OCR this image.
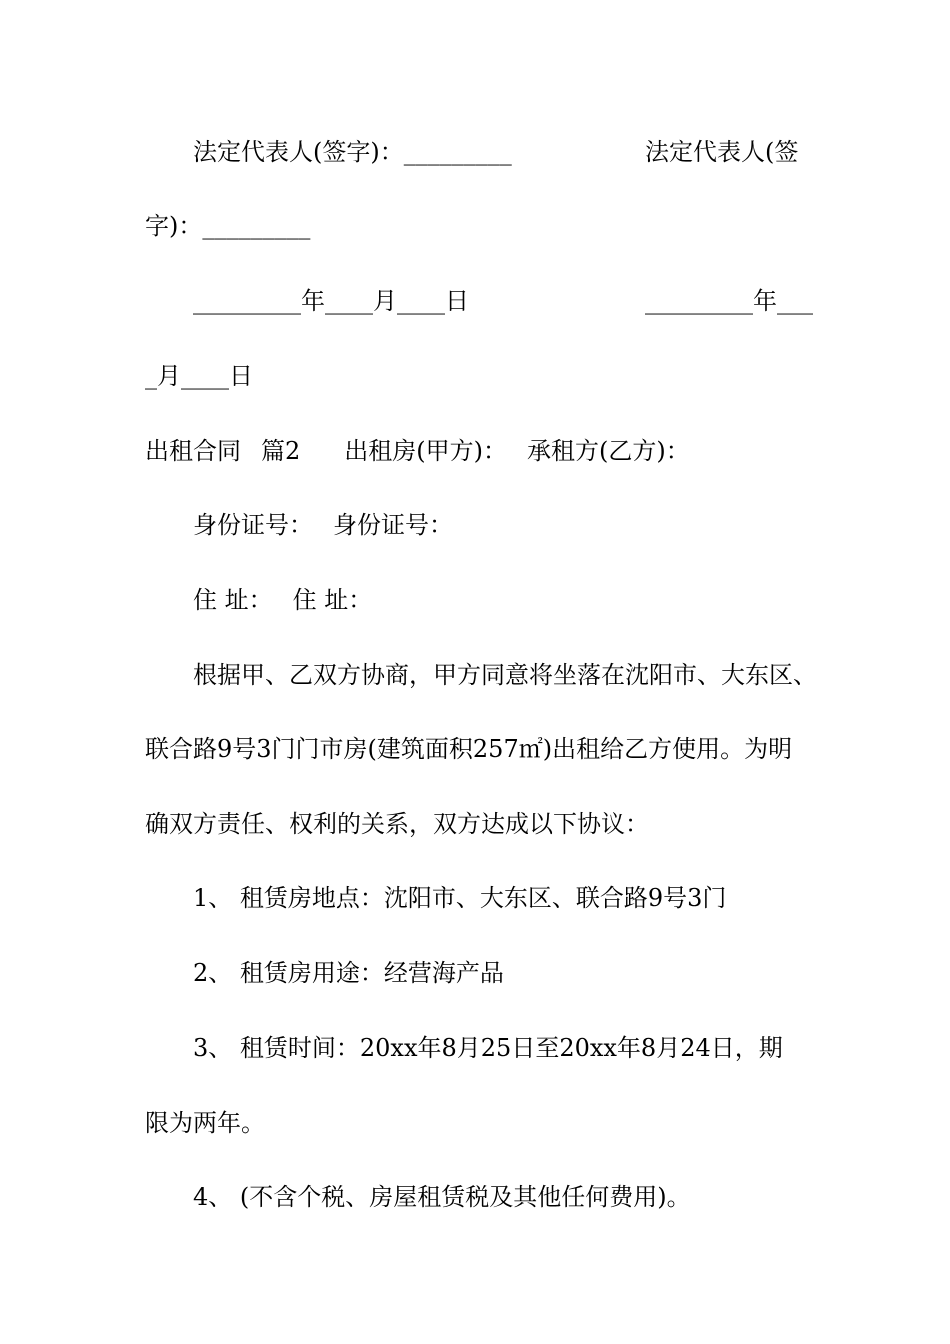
法定代表人(签字)：_________	法定代表人(签
字)：_________
_________年____月____日	_________年___
_月____日
出租合同 篇2 出租房(甲方)： 承租方(乙方)：
身份证号： 身份证号：
住 址： 住 址：
根据甲、乙双方协商，甲方同意将坐落在沈阳市、大东区、
联合路9号3门门市房(建筑面积257㎡)出租给乙方使用。为明
确双方责任、权利的关系，双方达成以下协议：
1、 租赁房地点：沈阳市、大东区、联合路9号3门
2、 租赁房用途：经营海产品
3、 租赁时间：20xx年8月25日至20xx年8月24日，期
限为两年。
4、 (不含个税、房屋租赁税及其他任何费用)。
